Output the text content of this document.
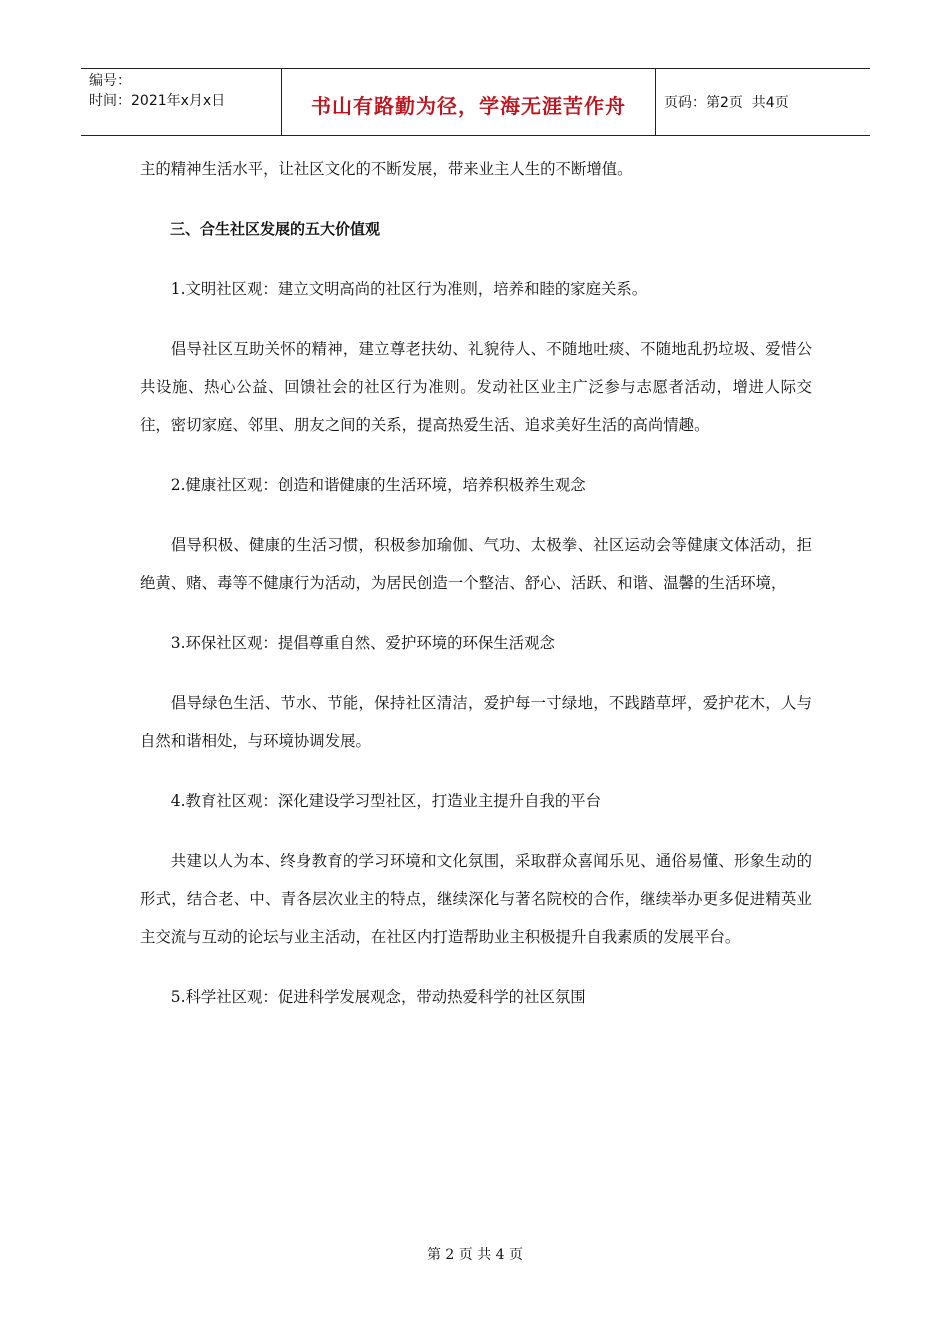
编号：
时间：2021年x月x日	书山有路勤为径，学海无涯苦作舟	页码：第2页  共4页

主的精神生活水平，让社区文化的不断发展，带来业主人生的不断增值。

三、合生社区发展的五大价值观

1.文明社区观：建立文明高尚的社区行为准则，培养和睦的家庭关系。

倡导社区互助关怀的精神，建立尊老扶幼、礼貌待人、不随地吐痰、不随地乱扔垃圾、爱惜公共设施、热心公益、回馈社会的社区行为准则。发动社区业主广泛参与志愿者活动，增进人际交往，密切家庭、邻里、朋友之间的关系，提高热爱生活、追求美好生活的高尚情趣。

2.健康社区观：创造和谐健康的生活环境，培养积极养生观念

倡导积极、健康的生活习惯，积极参加瑜伽、气功、太极拳、社区运动会等健康文体活动，拒绝黄、赌、毒等不健康行为活动，为居民创造一个整洁、舒心、活跃、和谐、温馨的生活环境，

3.环保社区观：提倡尊重自然、爱护环境的环保生活观念

倡导绿色生活、节水、节能，保持社区清洁，爱护每一寸绿地，不践踏草坪，爱护花木，人与自然和谐相处，与环境协调发展。

4.教育社区观：深化建设学习型社区，打造业主提升自我的平台

共建以人为本、终身教育的学习环境和文化氛围，采取群众喜闻乐见、通俗易懂、形象生动的形式，结合老、中、青各层次业主的特点，继续深化与著名院校的合作，继续举办更多促进精英业主交流与互动的论坛与业主活动，在社区内打造帮助业主积极提升自我素质的发展平台。

5.科学社区观：促进科学发展观念，带动热爱科学的社区氛围

第 2 页 共 4 页
